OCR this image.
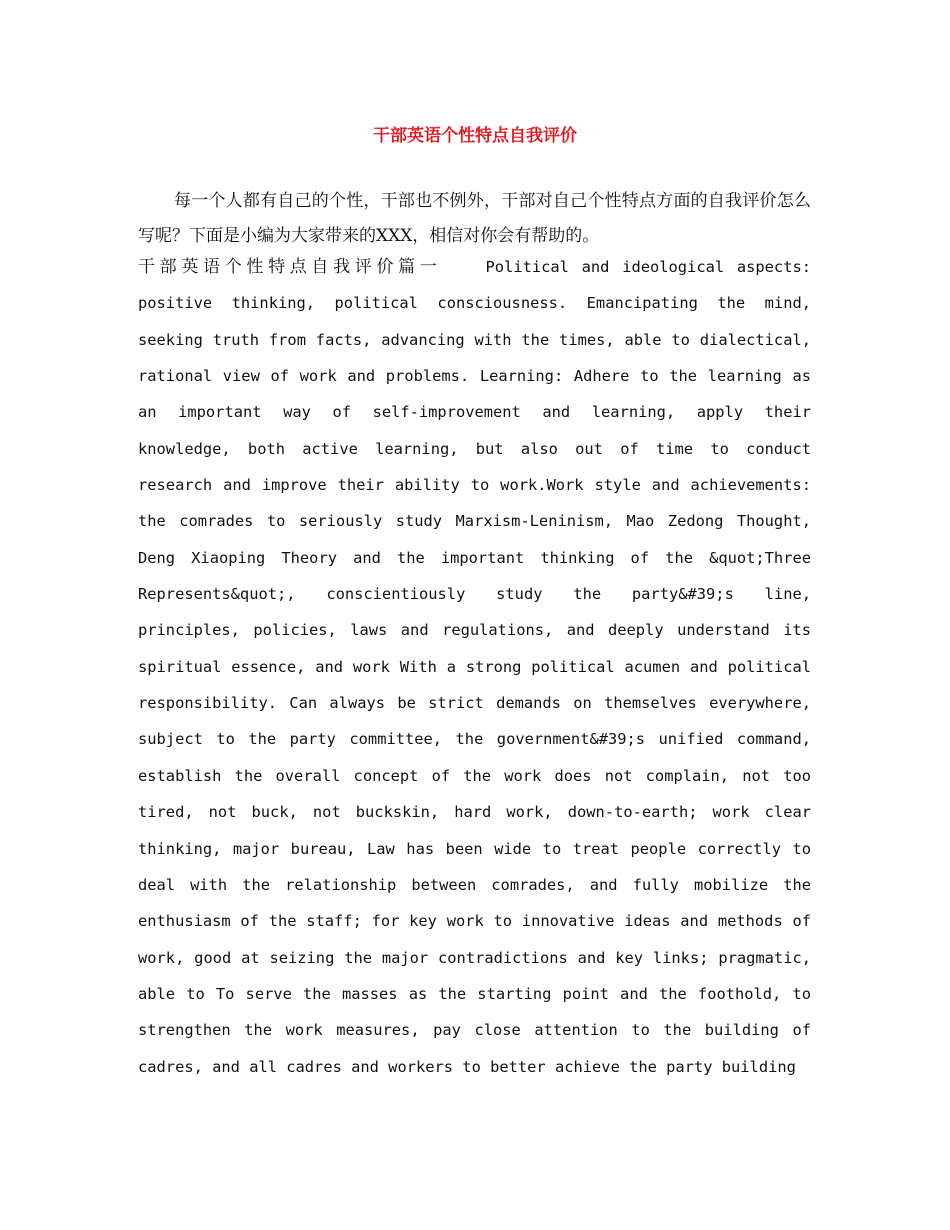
干部英语个性特点自我评价

每一个人都有自己的个性，干部也不例外，干部对自己个性特点方面的自我评价怎么写呢？下面是小编为大家带来的XXX，相信对你会有帮助的。

干部英语个性特点自我评价篇一	Political and ideological aspects: positive thinking, political consciousness. Emancipating the mind, seeking truth from facts, advancing with the times, able to dialectical, rational view of work and problems. Learning: Adhere to the learning as an important way of self-improvement and learning, apply their knowledge, both active learning, but also out of time to conduct research and improve their ability to work.Work style and achievements: the comrades to seriously study Marxism-Leninism, Mao Zedong Thought, Deng Xiaoping Theory and the important thinking of the &quot;Three Represents&quot;, conscientiously study the party&#39;s line, principles, policies, laws and regulations, and deeply understand its spiritual essence, and work With a strong political acumen and political responsibility. Can always be strict demands on themselves everywhere, subject to the party committee, the government&#39;s unified command, establish the overall concept of the work does not complain, not too tired, not buck, not buckskin, hard work, down-to-earth; work clear thinking, major bureau, Law has been wide to treat people correctly to deal with the relationship between comrades, and fully mobilize the enthusiasm of the staff; for key work to innovative ideas and methods of work, good at seizing the major contradictions and key links; pragmatic, able to To serve the masses as the starting point and the foothold, to strengthen the work measures, pay close attention to the building of cadres, and all cadres and workers to better achieve the party building
